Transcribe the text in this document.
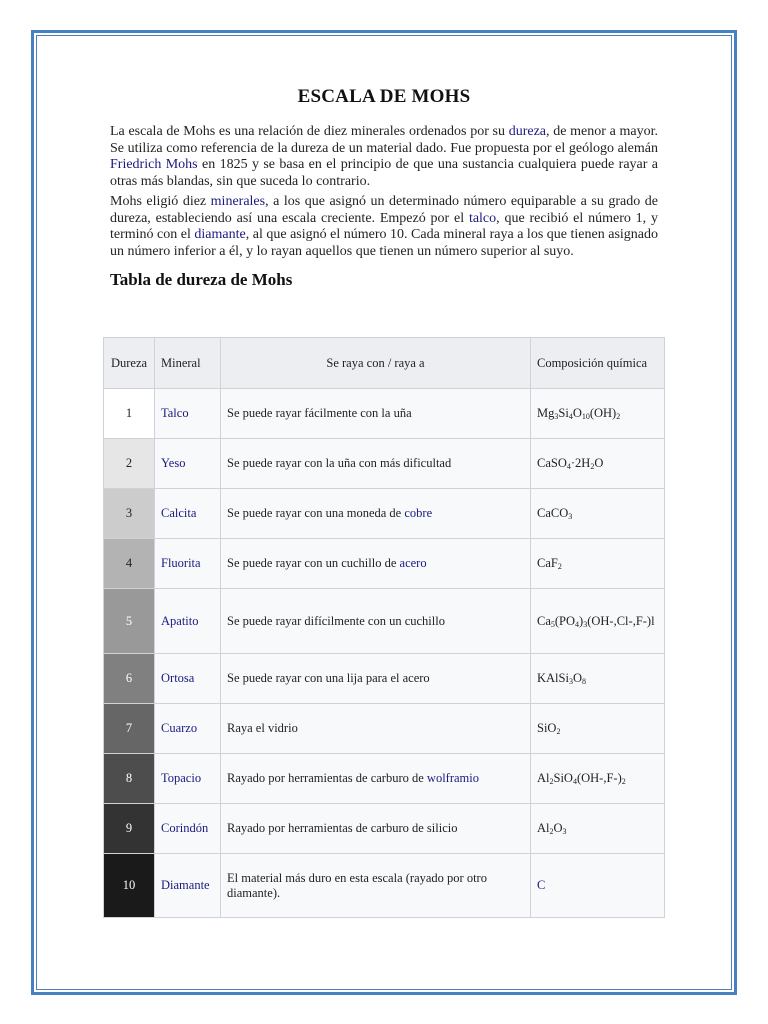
ESCALA DE MOHS

La escala de Mohs es una relación de diez minerales ordenados por su dureza, de menor a mayor. Se utiliza como referencia de la dureza de un material dado. Fue propuesta por el geólogo alemán Friedrich Mohs en 1825 y se basa en el principio de que una sustancia cualquiera puede rayar a otras más blandas, sin que suceda lo contrario.

Mohs eligió diez minerales, a los que asignó un determinado número equiparable a su grado de dureza, estableciendo así una escala creciente. Empezó por el talco, que recibió el número 1, y terminó con el diamante, al que asignó el número 10. Cada mineral raya a los que tienen asignado un número inferior a él, y lo rayan aquellos que tienen un número superior al suyo.

Tabla de dureza de Mohs
Dureza	Mineral	Se raya con / raya a	Composición química
1	Talco	Se puede rayar fácilmente con la uña	$Mg_3Si_4O_{10}(OH)_2$
2	Yeso	Se puede rayar con la uña con más dificultad	$CaSO_4\cdot 2H_2O$
3	Calcita	Se puede rayar con una moneda de cobre	CaCO$_3$
4	Fluorita	Se puede rayar con un cuchillo de acero	CaF$_2$
5	Apatito	Se puede rayar difícilmente con un cuchillo	$Ca_5(PO_4)_3(OH-,Cl-,F-)l$
6	Ortosa	Se puede rayar con una lija para el acero	$KAlSi_3O_8$
7	Cuarzo	Raya el vidrio	SiO$_2$
8	Topacio	Rayado por herramientas de carburo de wolframio	$Al_2SiO_4(OH-,F-)_2$
9	Corindón	Rayado por herramientas de carburo de silicio	$Al_2O_3$
10	Diamante	El material más duro en esta escala (rayado por otro diamante).	C
